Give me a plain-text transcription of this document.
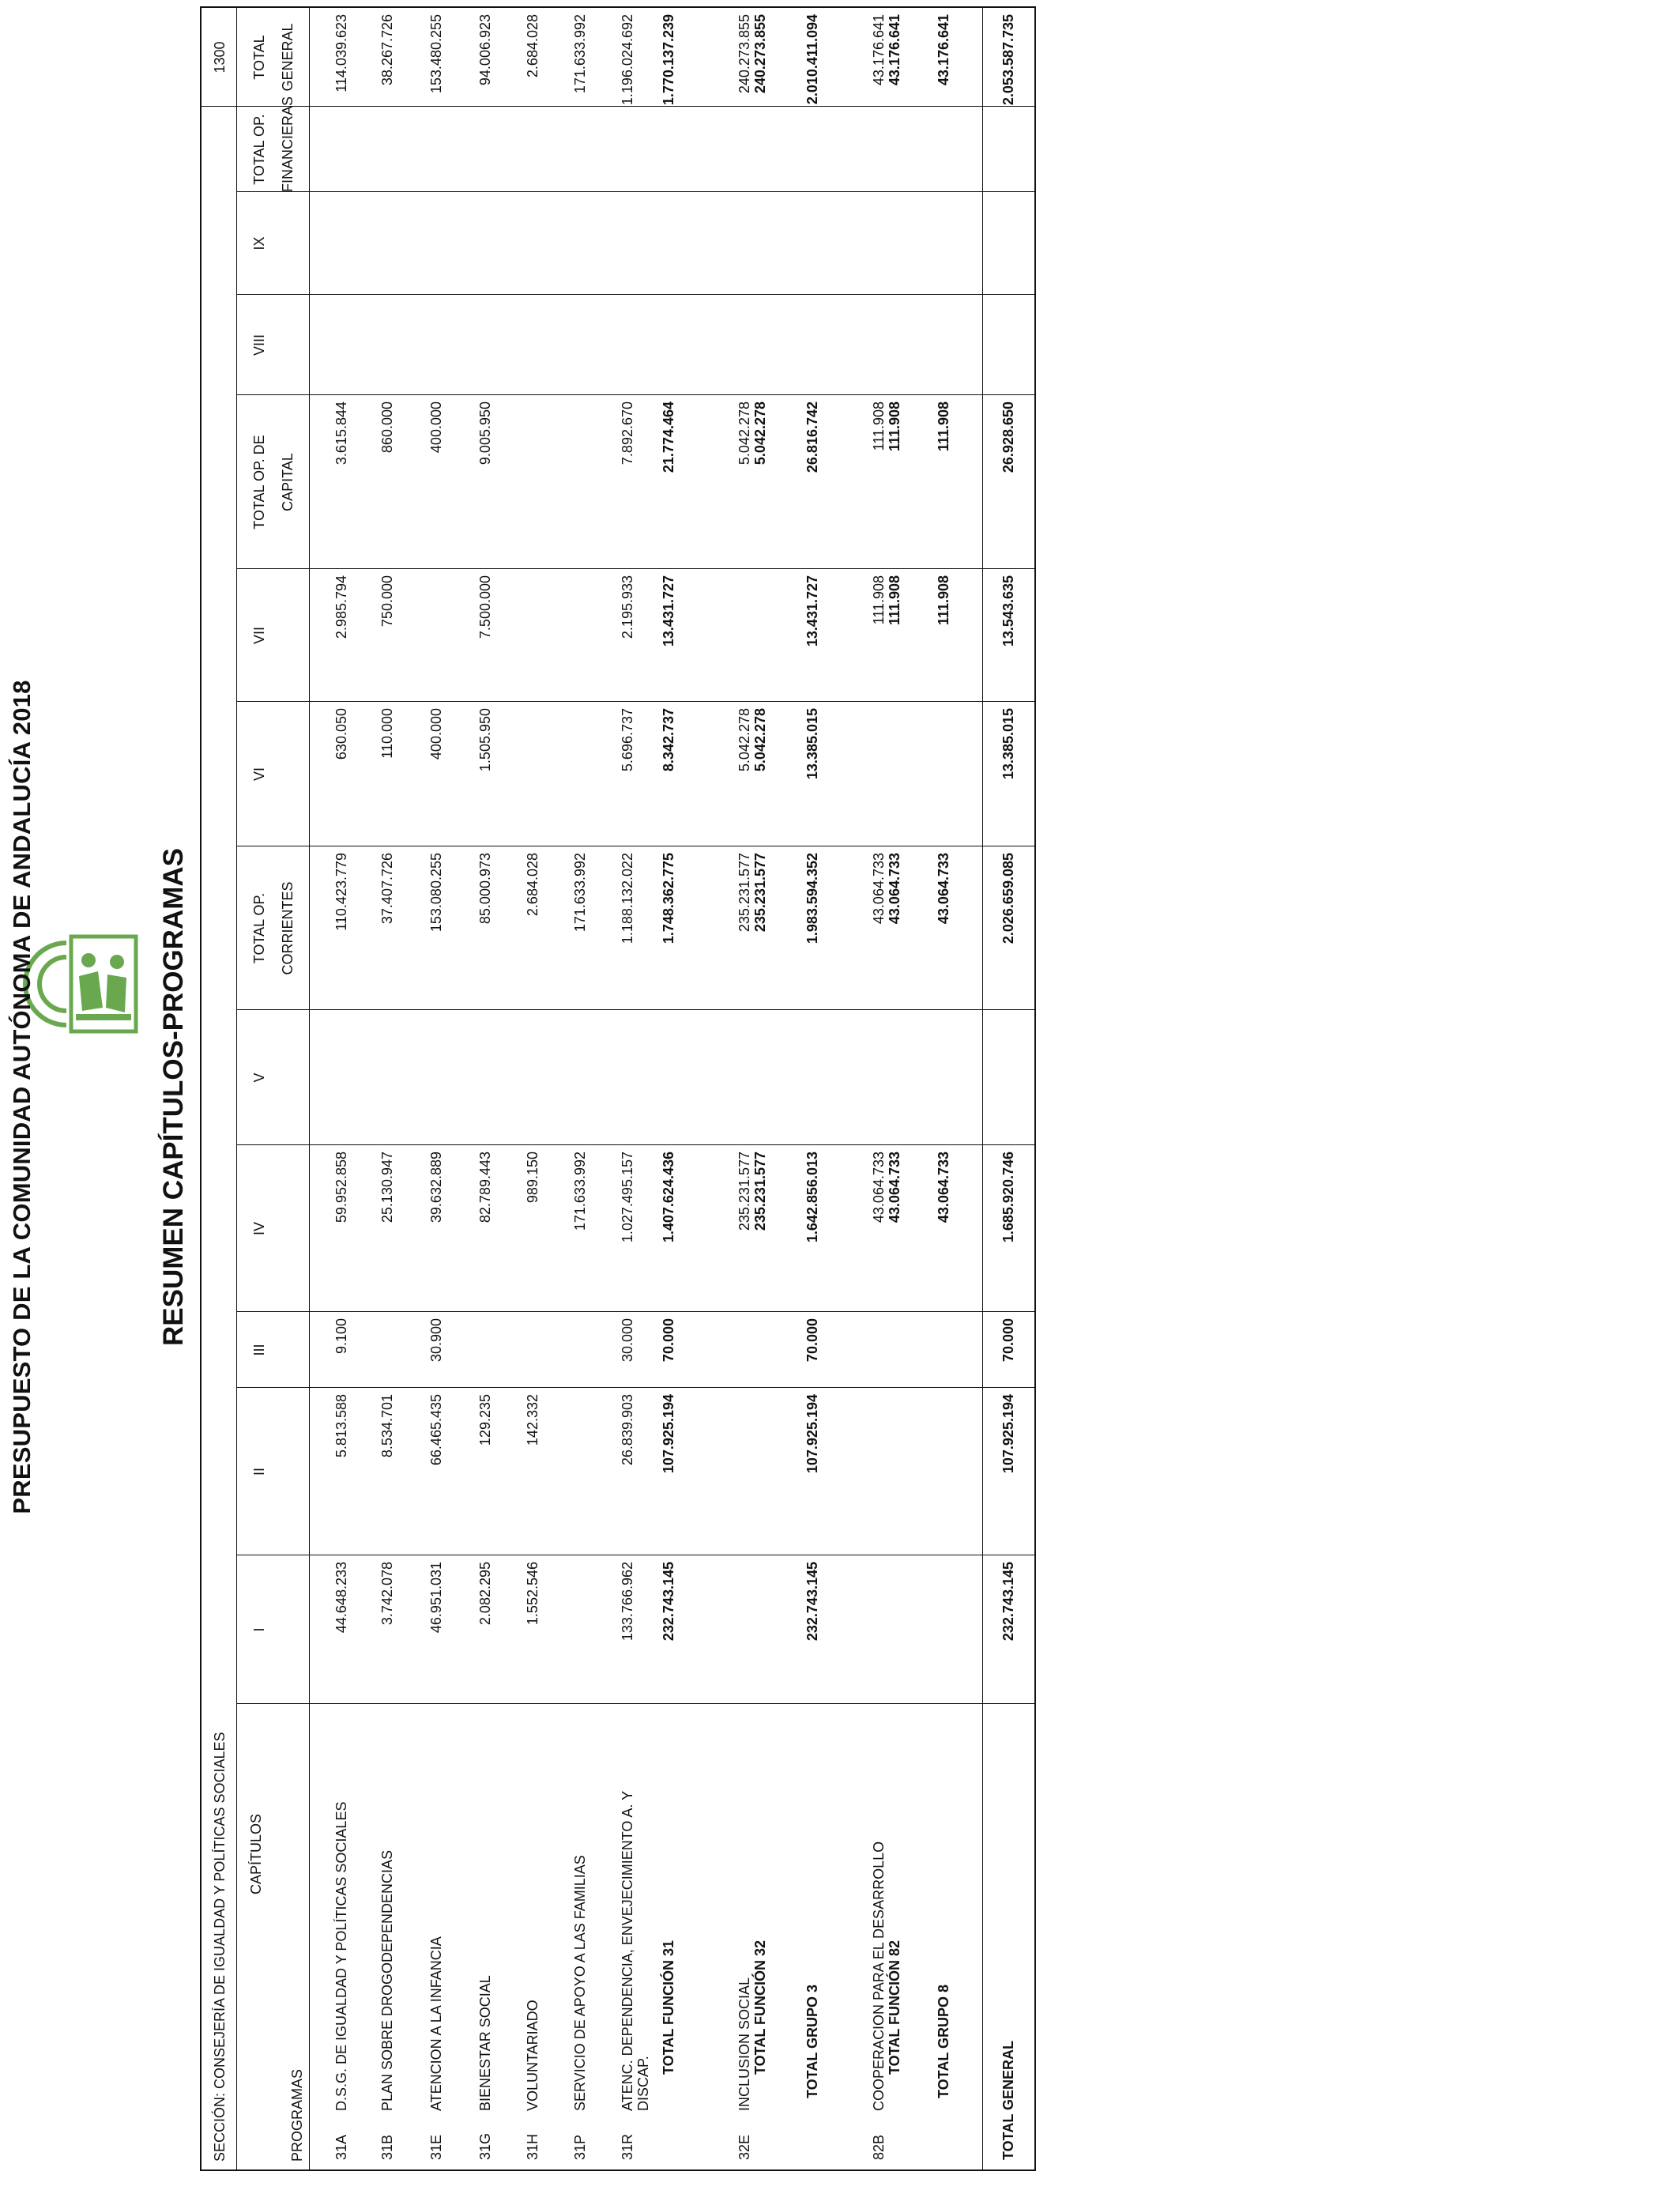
PRESUPUESTO DE LA COMUNIDAD AUTÓNOMA DE ANDALUCÍA 2018	RESUMEN CAPÍTULOS-PROGRAMAS
SECCIÓN: CONSEJERÍA DE IGUALDAD Y POLÍTICAS SOCIALES
1300
CAPÍTULOS
PROGRAMAS
I
II
III
IV
V
TOTAL OP. CORRIENTES
VI
VII
TOTAL OP. DE CAPITAL
VIII
IX
TOTAL OP. FINANCIERAS
TOTAL GENERAL
31A
D.S.G. DE IGUALDAD Y POLÍTICAS SOCIALES
44.648.233
5.813.588
9.100
59.952.858
110.423.779
630.050
2.985.794
3.615.844
114.039.623
31B
PLAN SOBRE DROGODEPENDENCIAS
3.742.078
8.534.701
25.130.947
37.407.726
110.000
750.000
860.000
38.267.726
31E
ATENCION A LA INFANCIA
46.951.031
66.465.435
30.900
39.632.889
153.080.255
400.000
400.000
153.480.255
31G
BIENESTAR SOCIAL
2.082.295
129.235
82.789.443
85.000.973
1.505.950
7.500.000
9.005.950
94.006.923
31H
VOLUNTARIADO
1.552.546
142.332
989.150
2.684.028
2.684.028
31P
SERVICIO DE APOYO A LAS FAMILIAS
171.633.992
171.633.992
171.633.992
31R
ATENC. DEPENDENCIA, ENVEJECIMIENTO A. Y DISCAP.
133.766.962
26.839.903
30.000
1.027.495.157
1.188.132.022
5.696.737
2.195.933
7.892.670
1.196.024.692
TOTAL FUNCIÓN 31
232.743.145
107.925.194
70.000
1.407.624.436
1.748.362.775
8.342.737
13.431.727
21.774.464
1.770.137.239
32E
INCLUSION SOCIAL
235.231.577
235.231.577
5.042.278
5.042.278
240.273.855
TOTAL FUNCIÓN 32
235.231.577
235.231.577
5.042.278
5.042.278
240.273.855
TOTAL GRUPO 3
232.743.145
107.925.194
70.000
1.642.856.013
1.983.594.352
13.385.015
13.431.727
26.816.742
2.010.411.094
82B
COOPERACION PARA EL DESARROLLO
43.064.733
43.064.733
111.908
111.908
43.176.641
TOTAL FUNCIÓN 82
43.064.733
43.064.733
111.908
111.908
43.176.641
TOTAL GRUPO 8
43.064.733
43.064.733
111.908
111.908
43.176.641
TOTAL GENERAL
232.743.145
107.925.194
70.000
1.685.920.746
2.026.659.085
13.385.015
13.543.635
26.928.650
2.053.587.735
